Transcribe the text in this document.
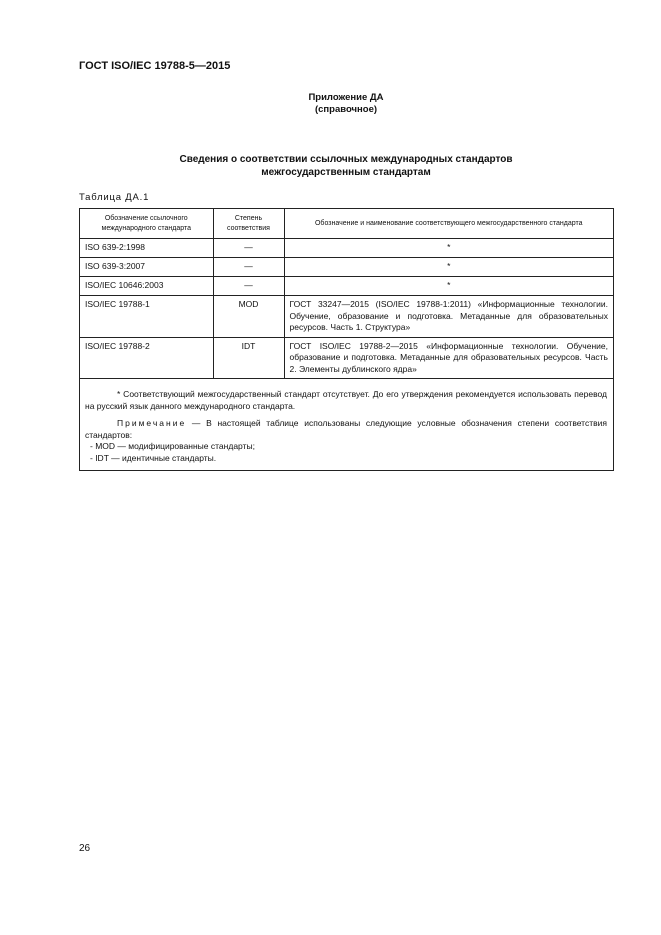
ГОСТ ISO/IEC 19788-5—2015
Приложение ДА
(справочное)
Сведения о соответствии ссылочных международных стандартов
межгосударственным стандартам
Таблица ДА.1
Обозначение ссылочного международного стандарта	Степень соответствия	Обозначение и наименование соответствующего межгосударственного стандарта
ISO 639-2:1998	—	*
ISO 639-3:2007	—	*
ISO/IEC 10646:2003	—	*
ISO/IEC 19788-1	MOD	ГОСТ 33247—2015 (ISO/IEC 19788-1:2011) «Информационные технологии. Обучение, образование и подготовка. Метаданные для образовательных ресурсов. Часть 1. Структура»
ISO/IEC 19788-2	IDT	ГОСТ ISO/IEC 19788-2—2015 «Информационные технологии. Обучение, образование и подготовка. Метаданные для образовательных ресурсов. Часть 2. Элементы дублинского ядра»

* Соответствующий межгосударственный стандарт отсутствует. До его утверждения рекомендуется использовать перевод на русский язык данного международного стандарта.

Примечание — В настоящей таблице использованы следующие условные обозначения степени соответствия стандартов:

- MOD — модифицированные стандарты;

- IDT — идентичные стандарты.

26
